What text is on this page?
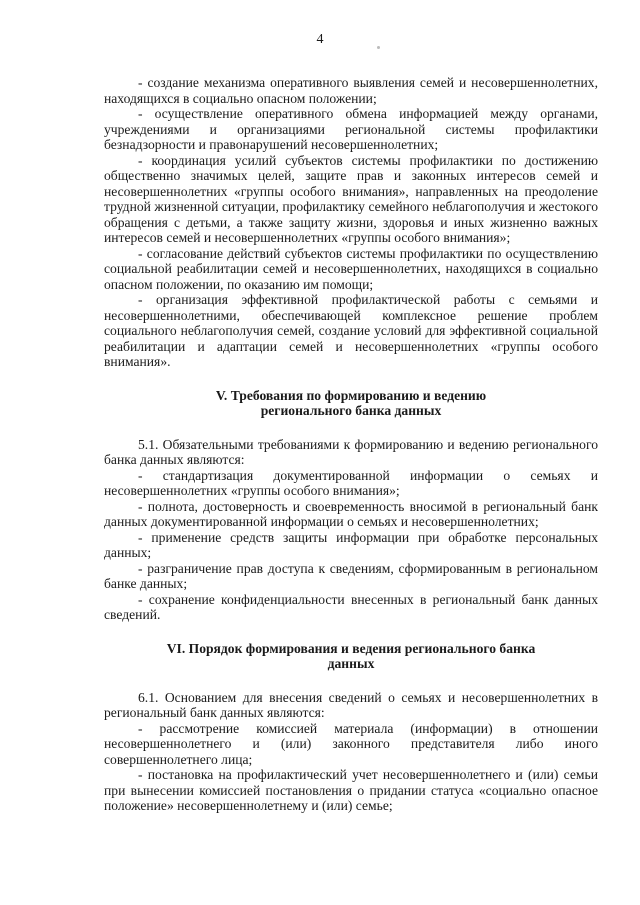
4

- создание механизма оперативного выявления семей и несовершеннолетних, находящихся в социально опасном положении;

- осуществление оперативного обмена информацией между органами, учреждениями и организациями региональной системы профилактики безнадзорности и правонарушений несовершеннолетних;

- координация усилий субъектов системы профилактики по достижению общественно значимых целей, защите прав и законных интересов семей и несовершеннолетних «группы особого внимания», направленных на преодоление трудной жизненной ситуации, профилактику семейного неблагополучия и жестокого обращения с детьми, а также защиту жизни, здоровья и иных жизненно важных интересов семей и несовершеннолетних «группы особого внимания»;

- согласование действий субъектов системы профилактики по осуществлению социальной реабилитации семей и несовершеннолетних, находящихся в социально опасном положении, по оказанию им помощи;

- организация эффективной профилактической работы с семьями и несовершеннолетними, обеспечивающей комплексное решение проблем социального неблагополучия семей, создание условий для эффективной социальной реабилитации и адаптации семей и несовершеннолетних «группы особого внимания».

V. Требования по формированию и ведению

регионального банка данных

5.1. Обязательными требованиями к формированию и ведению регионального банка данных являются:

- стандартизация документированной информации о семьях и несовершеннолетних «группы особого внимания»;

- полнота, достоверность и своевременность вносимой в региональный банк данных документированной информации о семьях и несовершеннолетних;

- применение средств защиты информации при обработке персональных данных;

- разграничение прав доступа к сведениям, сформированным в региональном банке данных;

- сохранение конфиденциальности внесенных в региональный банк данных сведений.

VI. Порядок формирования и ведения регионального банка

данных

6.1. Основанием для внесения сведений о семьях и несовершеннолетних в региональный банк данных являются:

- рассмотрение комиссией материала (информации) в отношении несовершеннолетнего и (или) законного представителя либо иного совершеннолетнего лица;

- постановка на профилактический учет несовершеннолетнего и (или) семьи при вынесении комиссией постановления о придании статуса «социально опасное положение» несовершеннолетнему и (или) семье;
